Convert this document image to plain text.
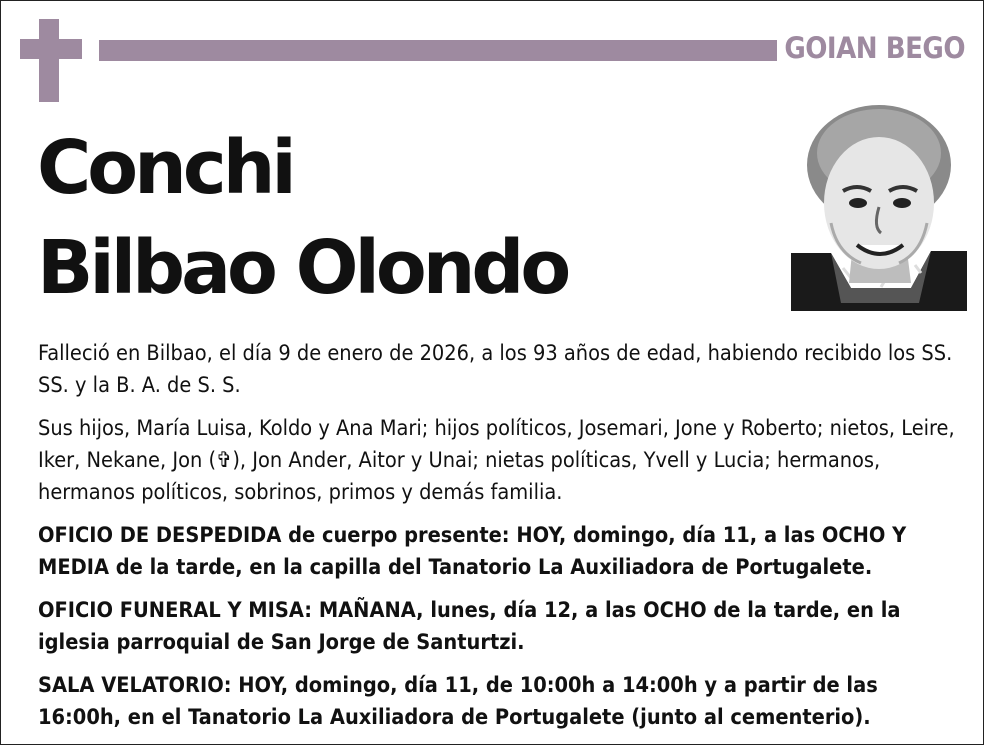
GOIAN BEGO
Conchi
Bilbao Olondo

Falleció en Bilbao, el día 9 de enero de 2026, a los 93 años de edad, habiendo recibido los SS. SS. y la B. A. de S. S.

Sus hijos, María Luisa, Koldo y Ana Mari; hijos políticos, Josemari, Jone y Roberto; nietos, Leire, Iker, Nekane, Jon (✞), Jon Ander, Aitor y Unai; nietas políticas, Yvell y Lucia; hermanos, hermanos políticos, sobrinos, primos y demás familia.

OFICIO DE DESPEDIDA de cuerpo presente: HOY, domingo, día 11, a las OCHO Y MEDIA de la tarde, en la capilla del Tanatorio La Auxiliadora de Portugalete.

OFICIO FUNERAL Y MISA: MAÑANA, lunes, día 12, a las OCHO de la tarde, en la iglesia parroquial de San Jorge de Santurtzi.

SALA VELATORIO: HOY, domingo, día 11, de 10:00h a 14:00h y a partir de las 16:00h, en el Tanatorio La Auxiliadora de Portugalete (junto al cementerio).
